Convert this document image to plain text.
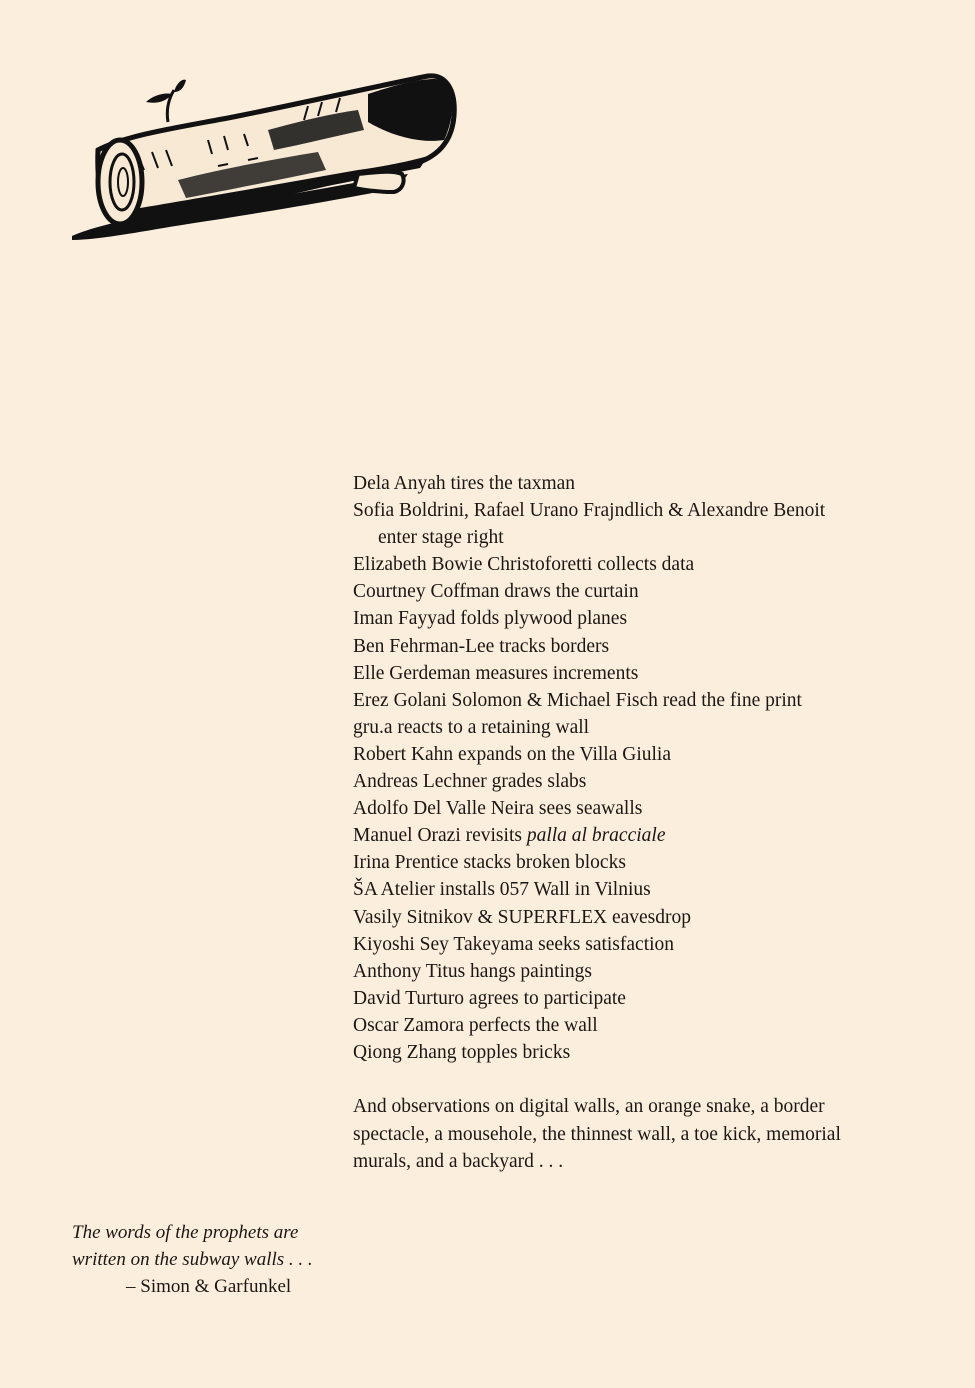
Dela Anyah tires the taxman
Sofia Boldrini, Rafael Urano Frajndlich & Alexandre Benoit
enter stage right
Elizabeth Bowie Christoforetti collects data
Courtney Coffman draws the curtain
Iman Fayyad folds plywood planes
Ben Fehrman-Lee tracks borders
Elle Gerdeman measures increments
Erez Golani Solomon & Michael Fisch read the fine print
gru.a reacts to a retaining wall
Robert Kahn expands on the Villa Giulia
Andreas Lechner grades slabs
Adolfo Del Valle Neira sees seawalls
Manuel Orazi revisits palla al bracciale
Irina Prentice stacks broken blocks
ŠA Atelier installs 057 Wall in Vilnius
Vasily Sitnikov & SUPERFLEX eavesdrop
Kiyoshi Sey Takeyama seeks satisfaction
Anthony Titus hangs paintings
David Turturo agrees to participate
Oscar Zamora perfects the wall
Qiong Zhang topples bricks
And observations on digital walls, an orange snake, a border spectacle, a mousehole, the thinnest wall, a toe kick, memorial murals, and a backyard . . .
The words of the prophets are
written on the subway walls . . .
– Simon & Garfunkel
